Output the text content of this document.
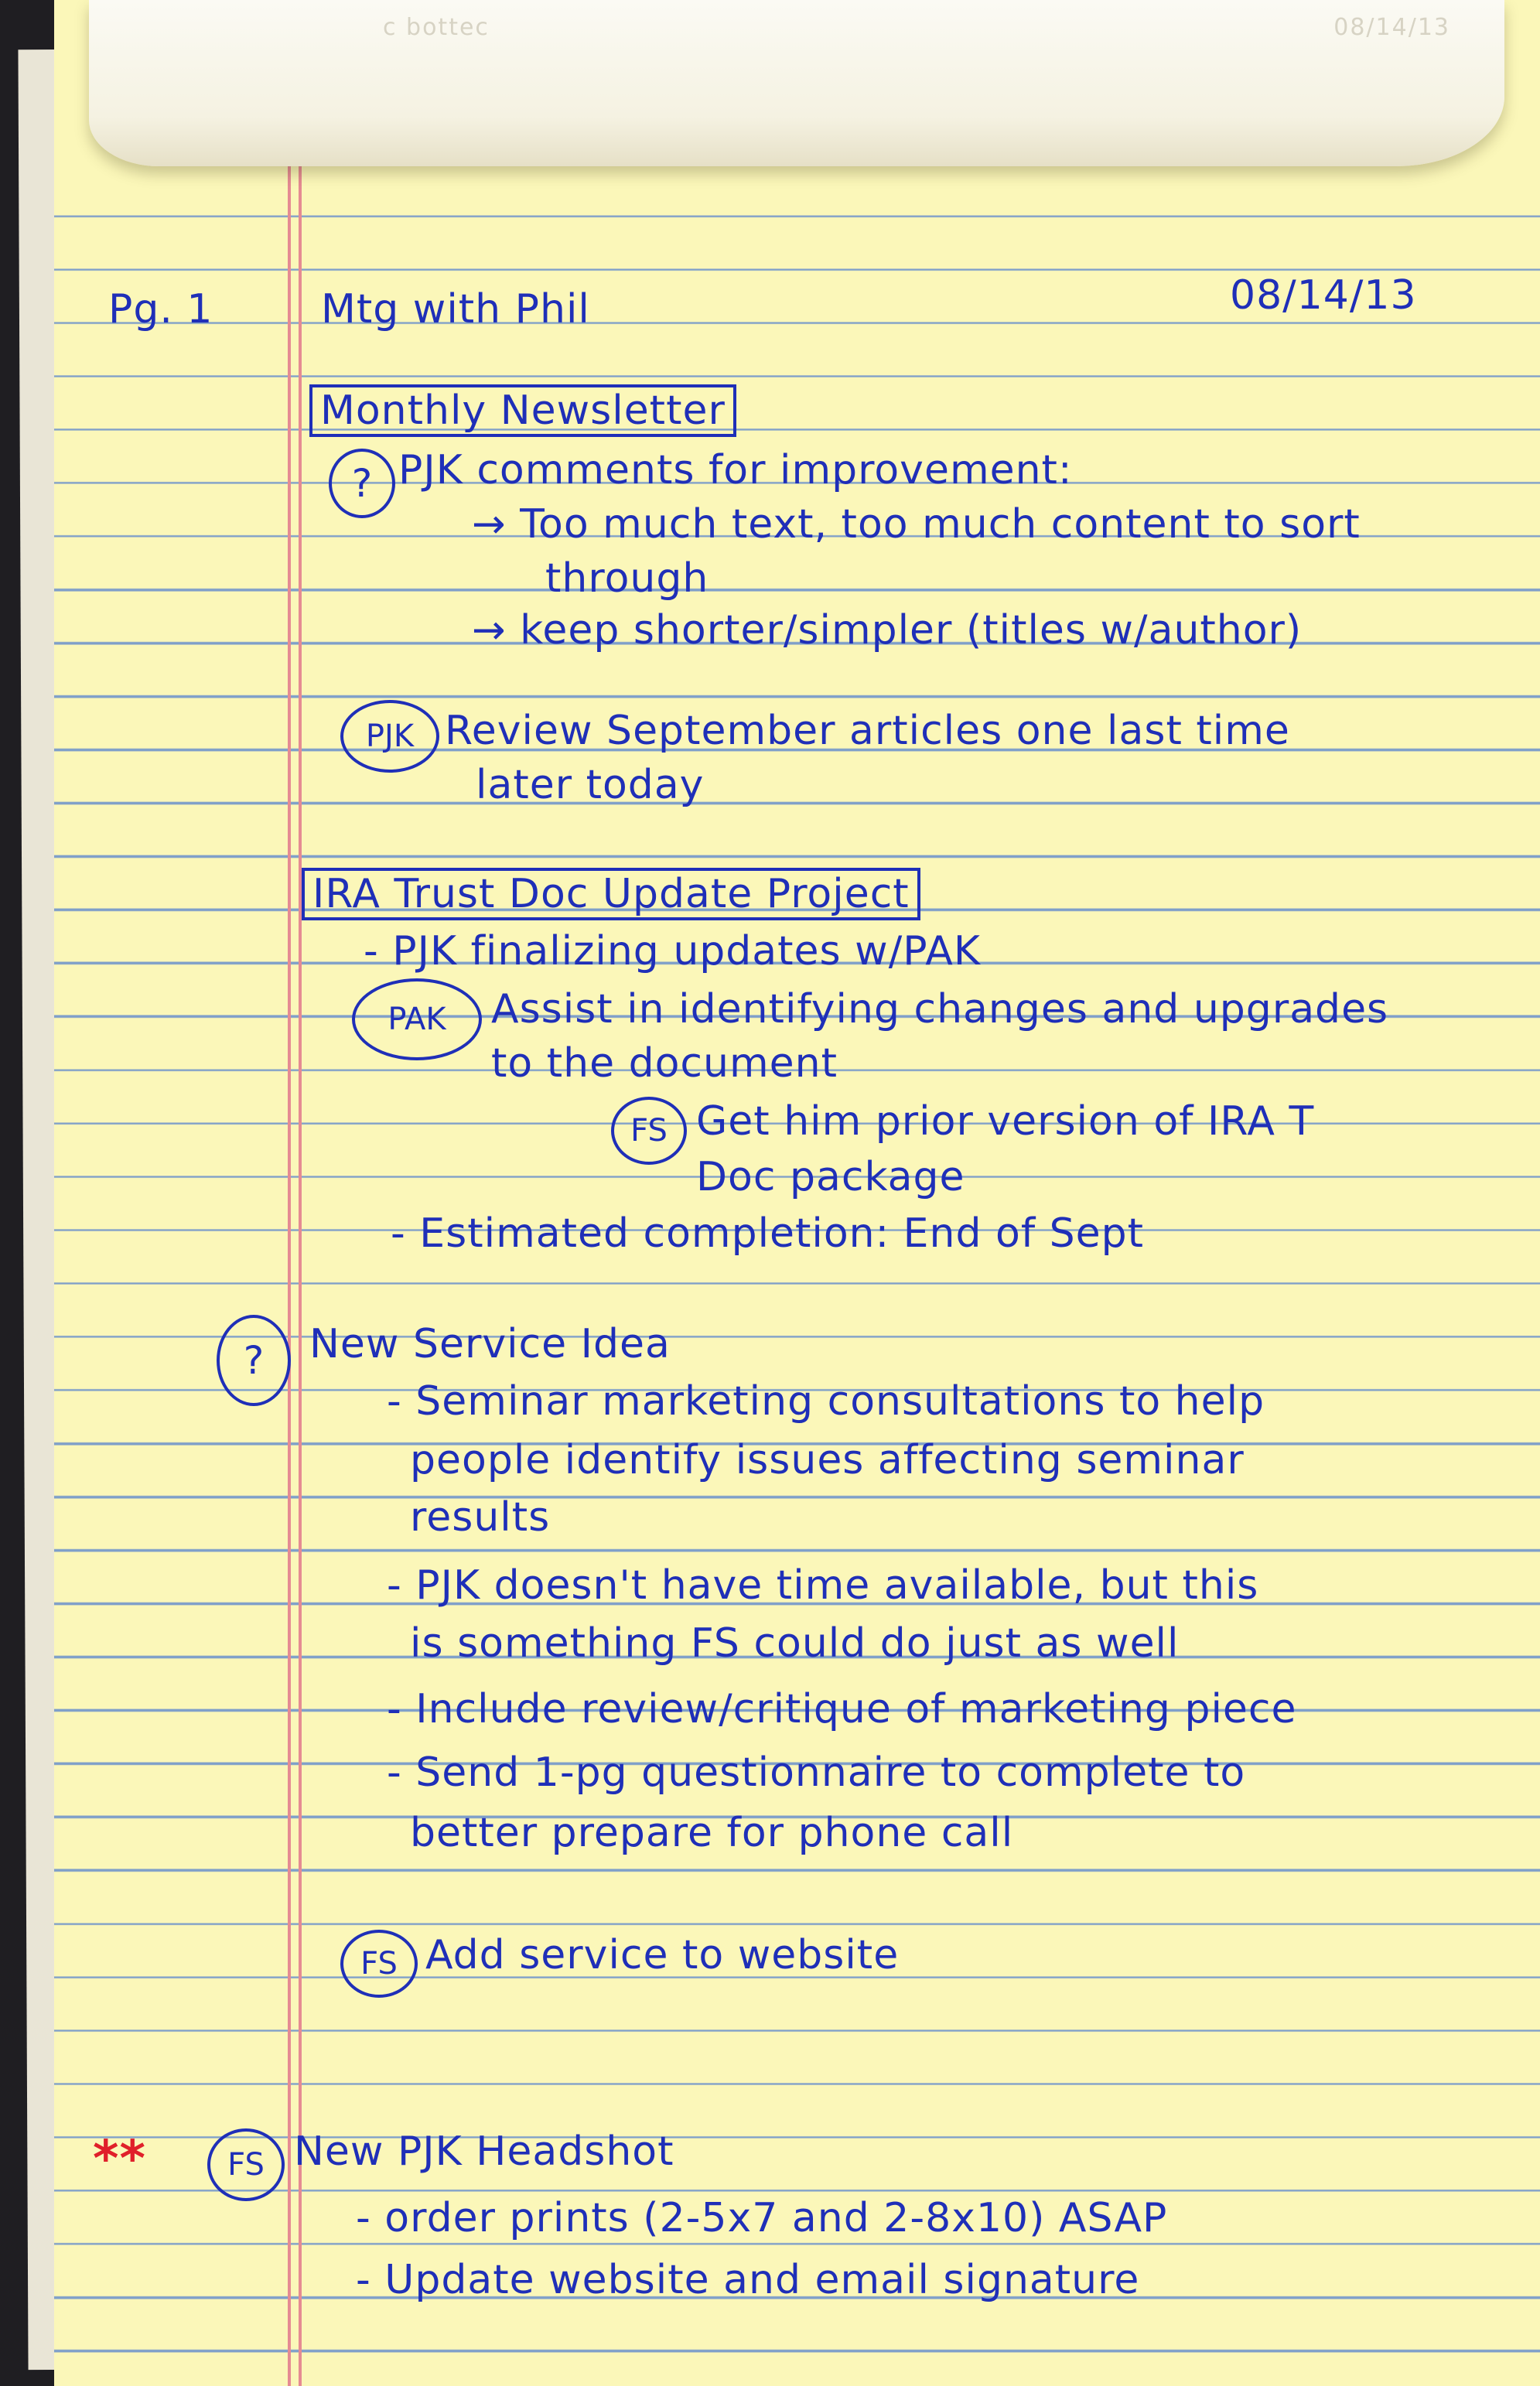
c bottec	08/14/13
Pg. 1	Mtg with Phil	08/14/13
Monthly Newsletter
? PJK comments for improvement:
→ Too much text, too much content to sort
through
→ keep shorter/simpler (titles w/author)
PJK Review September articles one last time
later today
IRA Trust Doc Update Project
- PJK finalizing updates w/PAK
PAK	Assist in identifying changes and upgrades
to the document
FS Get him prior version of IRA T
Doc package
- Estimated completion: End of Sept
?	New Service Idea
- Seminar marketing consultations to help
people identify issues affecting seminar
results
- PJK doesn't have time available, but this
is something FS could do just as well
- Include review/critique of marketing piece
- Send 1-pg questionnaire to complete to
better prepare for phone call
FS Add service to website
**	FS New PJK Headshot
- order prints (2-5x7 and 2-8x10) ASAP
- Update website and email signature
